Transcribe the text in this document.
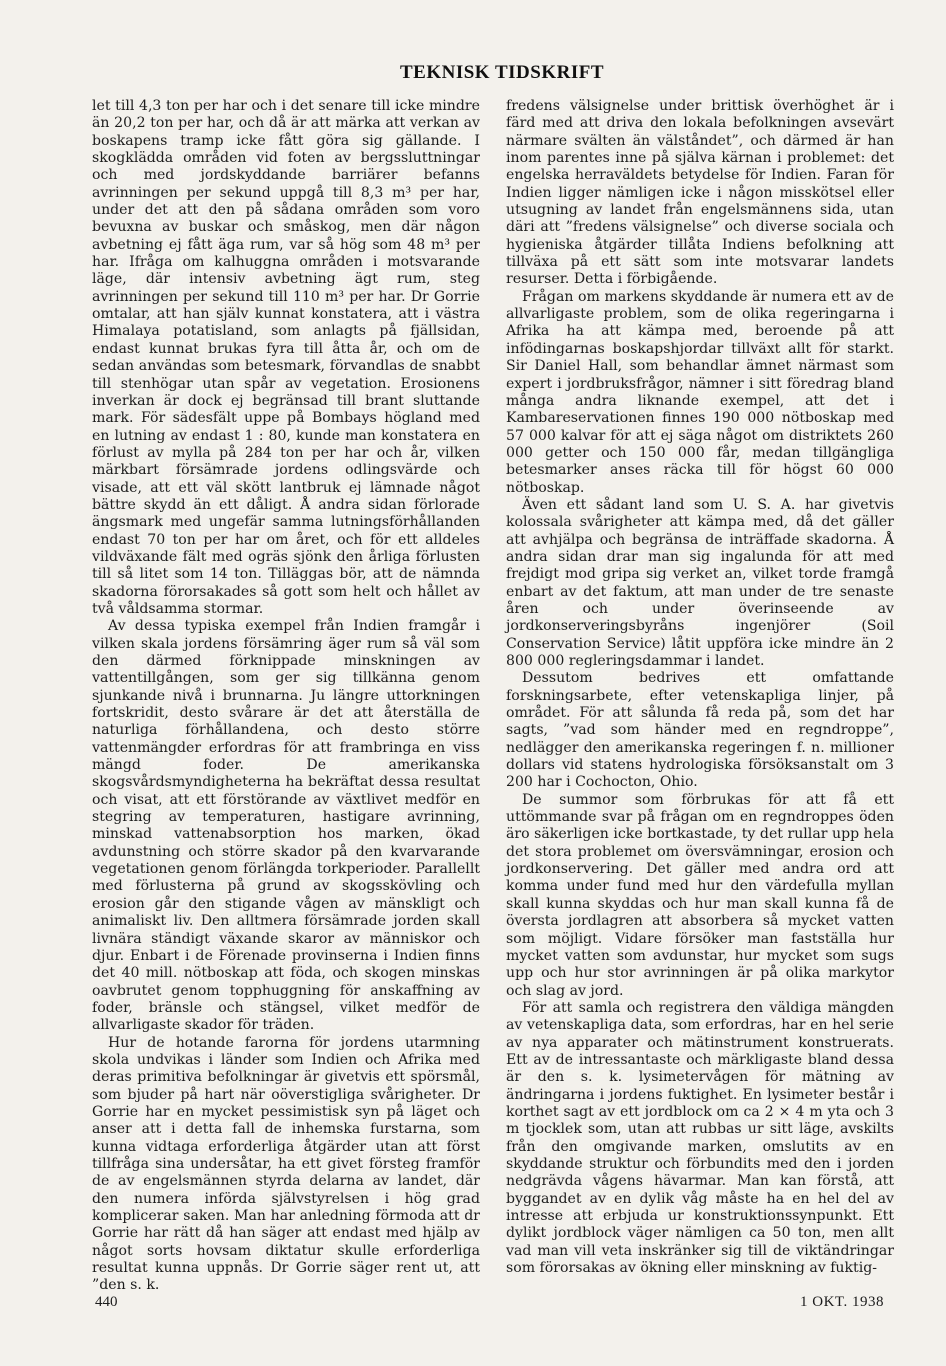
TEKNISK TIDSKRIFT

let till 4,3 ton per har och i det senare till icke mindre än 20,2 ton per har, och då är att märka att verkan av boskapens tramp icke fått göra sig gällande. I skogklädda områden vid foten av bergssluttningar och med jordskyddande barriärer befanns avrinningen per sekund uppgå till 8,3 m³ per har, under det att den på sådana områden som voro bevuxna av buskar och småskog, men där någon avbetning ej fått äga rum, var så hög som 48 m³ per har. Ifråga om kalhuggna områden i motsvarande läge, där intensiv avbetning ägt rum, steg avrinningen per sekund till 110 m³ per har. Dr Gorrie omtalar, att han själv kunnat konstatera, att i västra Himalaya potatisland, som anlagts på fjällsidan, endast kunnat brukas fyra till åtta år, och om de sedan användas som betesmark, förvandlas de snabbt till stenhögar utan spår av vegetation. Erosionens inverkan är dock ej begränsad till brant sluttande mark. För sädesfält uppe på Bombays högland med en lutning av endast 1 : 80, kunde man konstatera en förlust av mylla på 284 ton per har och år, vilken märkbart försämrade jordens odlingsvärde och visade, att ett väl skött lantbruk ej lämnade något bättre skydd än ett dåligt. Å andra sidan förlorade ängsmark med ungefär samma lutningsförhållanden endast 70 ton per har om året, och för ett alldeles vildväxande fält med ogräs sjönk den årliga förlusten till så litet som 14 ton. Tilläggas bör, att de nämnda skadorna förorsakades så gott som helt och hållet av två våldsamma stormar.

Av dessa typiska exempel från Indien framgår i vilken skala jordens försämring äger rum så väl som den därmed förknippade minskningen av vattentillgången, som ger sig tillkänna genom sjunkande nivå i brunnarna. Ju längre uttorkningen fortskridit, desto svårare är det att återställa de naturliga förhållandena, och desto större vattenmängder erfordras för att frambringa en viss mängd foder. De amerikanska skogsvårdsmyndigheterna ha bekräftat dessa resultat och visat, att ett förstörande av växtlivet medför en stegring av temperaturen, hastigare avrinning, minskad vattenabsorption hos marken, ökad avdunstning och större skador på den kvarvarande vegetationen genom förlängda torkperioder. Parallellt med förlusterna på grund av skogsskövling och erosion går den stigande vågen av mänskligt och animaliskt liv. Den alltmera försämrade jorden skall livnära ständigt växande skaror av människor och djur. Enbart i de Förenade provinserna i Indien finns det 40 mill. nötboskap att föda, och skogen minskas oavbrutet genom topphuggning för anskaffning av foder, bränsle och stängsel, vilket medför de allvarligaste skador för träden.

Hur de hotande farorna för jordens utarmning skola undvikas i länder som Indien och Afrika med deras primitiva befolkningar är givetvis ett spörsmål, som bjuder på hart när oöverstigliga svårigheter. Dr Gorrie har en mycket pessimistisk syn på läget och anser att i detta fall de inhemska furstarna, som kunna vidtaga erforderliga åtgärder utan att först tillfråga sina undersåtar, ha ett givet försteg framför de av engelsmännen styrda delarna av landet, där den numera införda självstyrelsen i hög grad komplicerar saken. Man har anledning förmoda att dr Gorrie har rätt då han säger att endast med hjälp av något sorts hovsam diktatur skulle erforderliga resultat kunna uppnås. Dr Gorrie säger rent ut, att ”den s. k.

fredens välsignelse under brittisk överhöghet är i färd med att driva den lokala befolkningen avsevärt närmare svälten än välståndet”, och därmed är han inom parentes inne på själva kärnan i problemet: det engelska herraväldets betydelse för Indien. Faran för Indien ligger nämligen icke i någon misskötsel eller utsugning av landet från engelsmännens sida, utan däri att ”fredens välsignelse” och diverse sociala och hygieniska åtgärder tillåta Indiens befolkning att tillväxa på ett sätt som inte motsvarar landets resurser. Detta i förbigående.

Frågan om markens skyddande är numera ett av de allvarligaste problem, som de olika regeringarna i Afrika ha att kämpa med, beroende på att infödingarnas boskapshjordar tillväxt allt för starkt. Sir Daniel Hall, som behandlar ämnet närmast som expert i jordbruksfrågor, nämner i sitt föredrag bland många andra liknande exempel, att det i Kambareservationen finnes 190 000 nötboskap med 57 000 kalvar för att ej säga något om distriktets 260 000 getter och 150 000 får, medan tillgängliga betesmarker anses räcka till för högst 60 000 nötboskap.

Även ett sådant land som U. S. A. har givetvis kolossala svårigheter att kämpa med, då det gäller att avhjälpa och begränsa de inträffade skadorna. Å andra sidan drar man sig ingalunda för att med frejdigt mod gripa sig verket an, vilket torde framgå enbart av det faktum, att man under de tre senaste åren och under överinseende av jordkonserveringsbyråns ingenjörer (Soil Conservation Service) låtit uppföra icke mindre än 2 800 000 regleringsdammar i landet.

Dessutom bedrives ett omfattande forskningsarbete, efter vetenskapliga linjer, på området. För att sålunda få reda på, som det har sagts, ”vad som händer med en regndroppe”, nedlägger den amerikanska regeringen f. n. millioner dollars vid statens hydrologiska försöksanstalt om 3 200 har i Cochocton, Ohio.

De summor som förbrukas för att få ett uttömmande svar på frågan om en regndroppes öden äro säkerligen icke bortkastade, ty det rullar upp hela det stora problemet om översvämningar, erosion och jordkonservering. Det gäller med andra ord att komma under fund med hur den värdefulla myllan skall kunna skyddas och hur man skall kunna få de översta jordlagren att absorbera så mycket vatten som möjligt. Vidare försöker man fastställa hur mycket vatten som avdunstar, hur mycket som sugs upp och hur stor avrinningen är på olika markytor och slag av jord.

För att samla och registrera den väldiga mängden av vetenskapliga data, som erfordras, har en hel serie av nya apparater och mätinstrument konstruerats. Ett av de intressantaste och märkligaste bland dessa är den s. k. lysimetervågen för mätning av ändringarna i jordens fuktighet. En lysimeter består i korthet sagt av ett jordblock om ca 2 × 4 m yta och 3 m tjocklek som, utan att rubbas ur sitt läge, avskilts från den omgivande marken, omslutits av en skyddande struktur och förbundits med den i jorden nedgrävda vågens hävarmar. Man kan förstå, att byggandet av en dylik våg måste ha en hel del av intresse att erbjuda ur konstruktionssynpunkt. Ett dylikt jordblock väger nämligen ca 50 ton, men allt vad man vill veta inskränker sig till de viktändringar som förorsakas av ökning eller minskning av fuktig-

440	1 OKT. 1938
